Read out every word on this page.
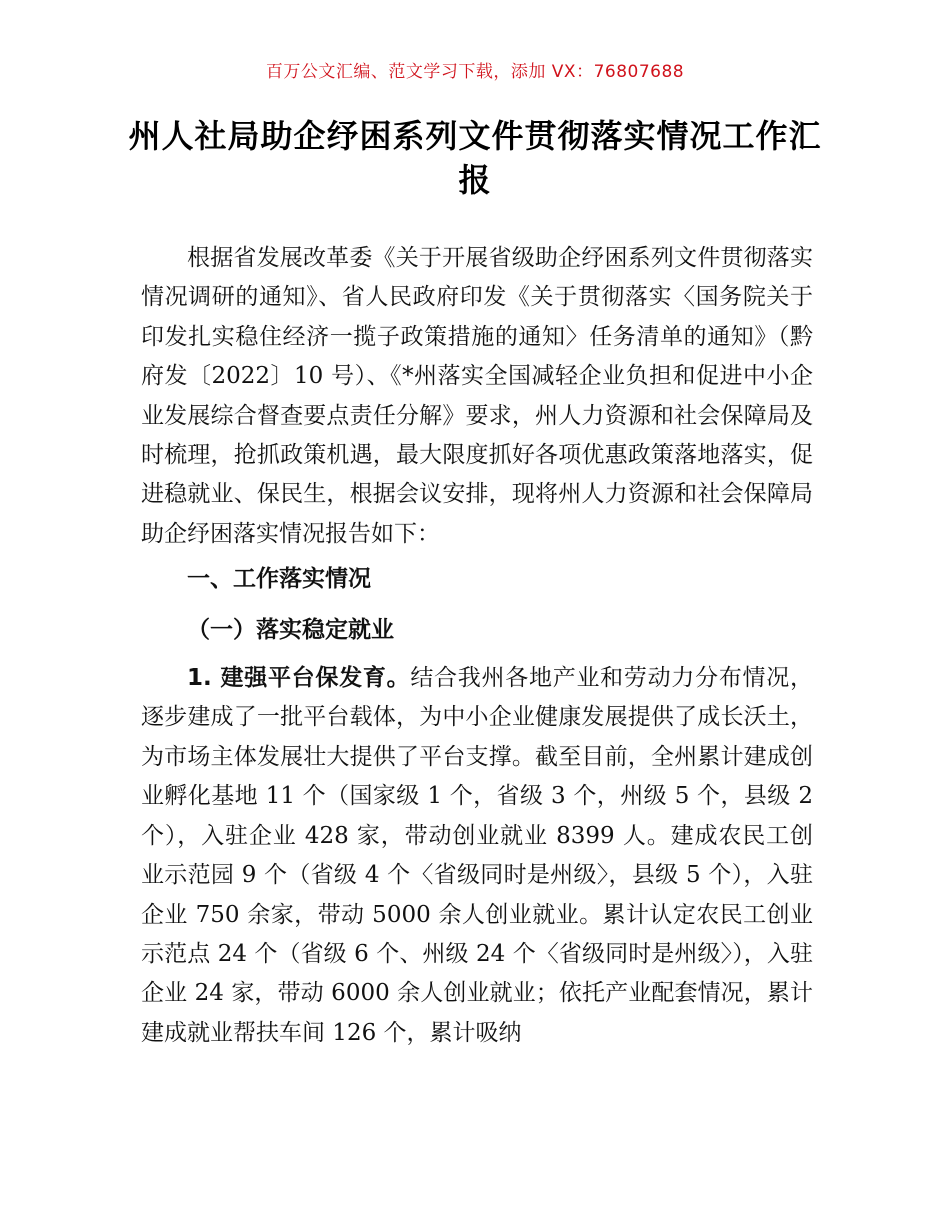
百万公文汇编、范文学习下载，添加 VX：76807688
州人社局助企纾困系列文件贯彻落实情况工作汇报

根据省发展改革委《关于开展省级助企纾困系列文件贯彻落实情况调研的通知》、省人民政府印发《关于贯彻落实〈国务院关于印发扎实稳住经济一揽子政策措施的通知〉任务清单的通知》（黔府发〔2022〕10 号）、《*州落实全国减轻企业负担和促进中小企业发展综合督查要点责任分解》要求，州人力资源和社会保障局及时梳理，抢抓政策机遇，最大限度抓好各项优惠政策落地落实，促进稳就业、保民生，根据会议安排，现将州人力资源和社会保障局助企纾困落实情况报告如下：

一、工作落实情况

（一）落实稳定就业

1. 建强平台保发育。结合我州各地产业和劳动力分布情况，逐步建成了一批平台载体，为中小企业健康发展提供了成长沃土，为市场主体发展壮大提供了平台支撑。截至目前，全州累计建成创业孵化基地 11 个（国家级 1 个，省级 3 个，州级 5 个，县级 2 个），入驻企业 428 家，带动创业就业 8399 人。建成农民工创业示范园 9 个（省级 4 个〈省级同时是州级〉，县级 5 个），入驻企业 750 余家，带动 5000 余人创业就业。累计认定农民工创业示范点 24 个（省级 6 个、州级 24 个〈省级同时是州级〉），入驻企业 24 家，带动 6000 余人创业就业；依托产业配套情况，累计建成就业帮扶车间 126 个，累计吸纳
